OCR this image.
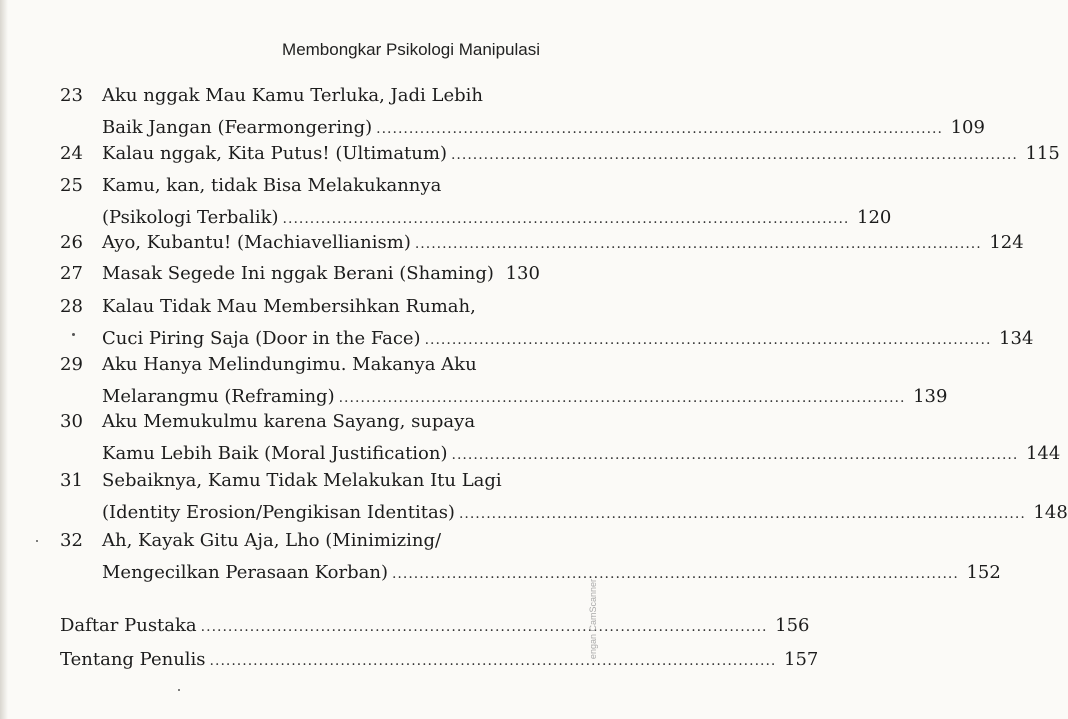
Membongkar Psikologi Manipulasi
23	Aku nggak Mau Kamu Terluka, Jadi Lebih
Baik Jangan (Fearmongering) ........................................................................................................ 109
24	Kalau nggak, Kita Putus! (Ultimatum) ........................................................................................................ 115
25	Kamu, kan, tidak Bisa Melakukannya
(Psikologi Terbalik) ........................................................................................................ 120
26	Ayo, Kubantu! (Machiavellianism) ........................................................................................................ 124
27	Masak Segede Ini nggak Berani (Shaming) 130
28	Kalau Tidak Mau Membersihkan Rumah,
Cuci Piring Saja (Door in the Face) ........................................................................................................ 134
29	Aku Hanya Melindungimu. Makanya Aku
Melarangmu (Reframing) ........................................................................................................ 139
30	Aku Memukulmu karena Sayang, supaya
Kamu Lebih Baik (Moral Justification) ........................................................................................................ 144
31	Sebaiknya, Kamu Tidak Melakukan Itu Lagi
(Identity Erosion/Pengikisan Identitas) ........................................................................................................ 148
32	Ah, Kayak Gitu Aja, Lho (Minimizing/
Mengecilkan Perasaan Korban) ........................................................................................................ 152
Daftar Pustaka ........................................................................................................ 156
Tentang Penulis ........................................................................................................ 157
engan CamScanner
